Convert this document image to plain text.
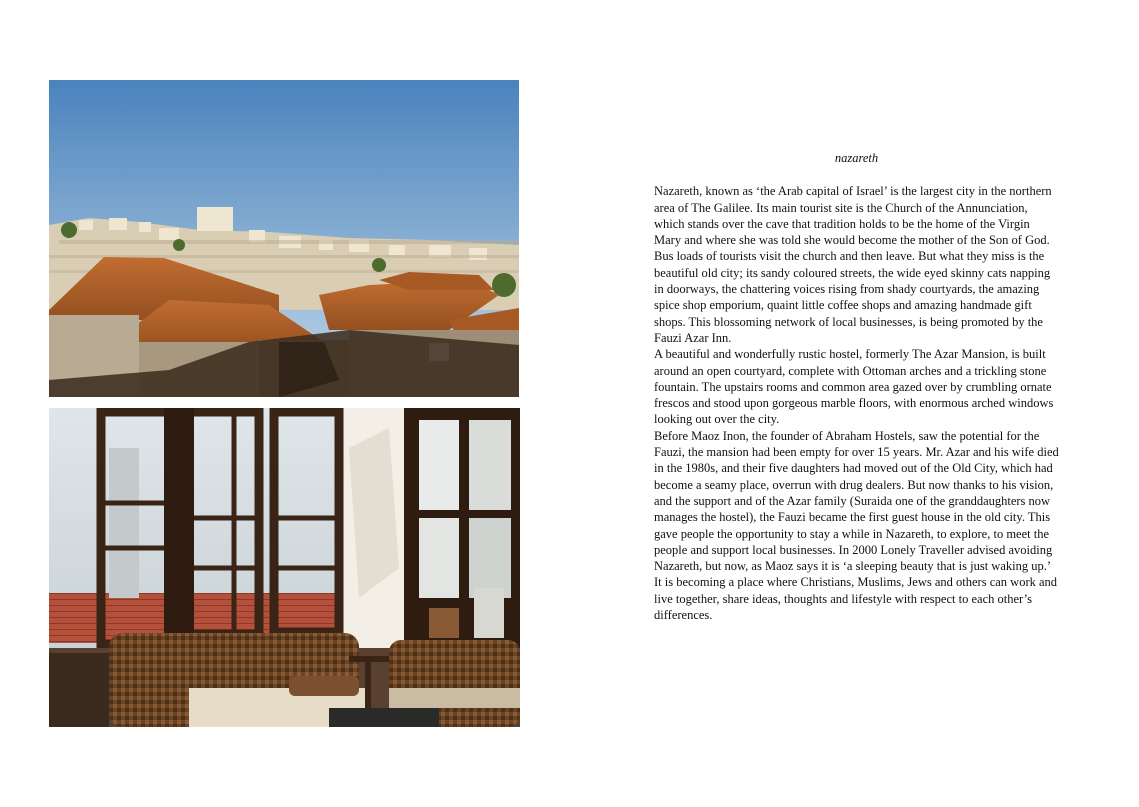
nazareth

Nazareth, known as ‘the Arab capital of Israel’ is the largest city in the northern area of The Galilee. Its main tourist site is the Church of the Annunciation, which stands over the cave that tradition holds to be the home of the Virgin Mary and where she was told she would become the mother of the Son of God.

Bus loads of tourists visit the church and then leave. But what they miss is the beautiful old city; its sandy coloured streets, the wide eyed skinny cats napping in doorways, the chattering voices rising from shady courtyards, the amazing spice shop emporium, quaint little coffee shops and amazing handmade gift shops. This blossoming network of local businesses, is being promoted by the Fauzi Azar Inn.

A beautiful and wonderfully rustic hostel, formerly The Azar Mansion, is built around an open courtyard, complete with Ottoman arches and a trickling stone fountain. The upstairs rooms and common area gazed over by crumbling ornate frescos and stood upon gorgeous marble floors, with enormous arched windows looking out over the city.

Before Maoz Inon, the founder of Abraham Hostels, saw the potential for the Fauzi, the mansion had been empty for over 15 years. Mr. Azar and his wife died in the 1980s, and their five daughters had moved out of the Old City, which had become a seamy place, overrun with drug dealers. But now thanks to his vision, and the support and of the Azar family (Suraida one of the granddaughters now manages the hostel), the Fauzi became the first guest house in the old city. This gave people the opportunity to stay a while in Nazareth, to explore, to meet the people and support local businesses. In 2000 Lonely Traveller advised avoiding Nazareth, but now, as Maoz says it is ‘a sleeping beauty that is just waking up.’ It is becoming a place where Christians, Muslims, Jews and others can work and live together, share ideas, thoughts and lifestyle with respect to each other’s differences.
